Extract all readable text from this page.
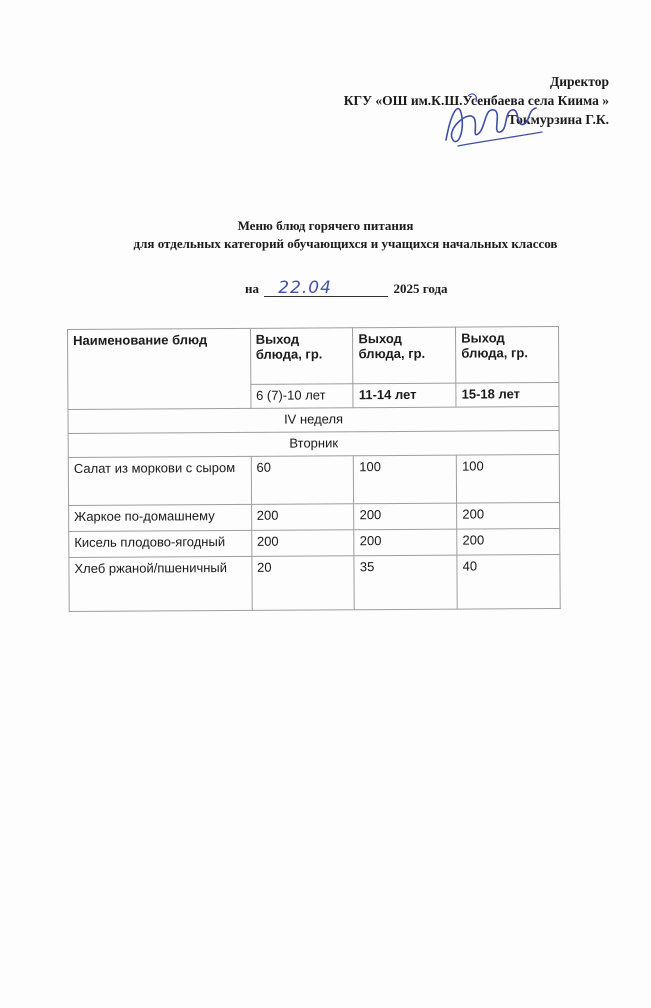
Директор
КГУ «ОШ им.К.Ш.Усенбаева села Киима »
Токмурзина Г.К.
Меню блюд горячего питания
для отдельных категорий обучающихся и учащихся начальных классов
на 22.04	2025 года
Наименование блюд	Выход блюда, гр.	Выход блюда, гр.	Выход блюда, гр.
	6 (7)-10 лет	11-14 лет	15-18 лет
IV неделя			
Вторник			
Салат из моркови с сыром	60	100	100
Жаркое по-домашнему	200	200	200
Кисель плодово-ягодный	200	200	200
Хлеб ржаной/пшеничный	20	35	40
